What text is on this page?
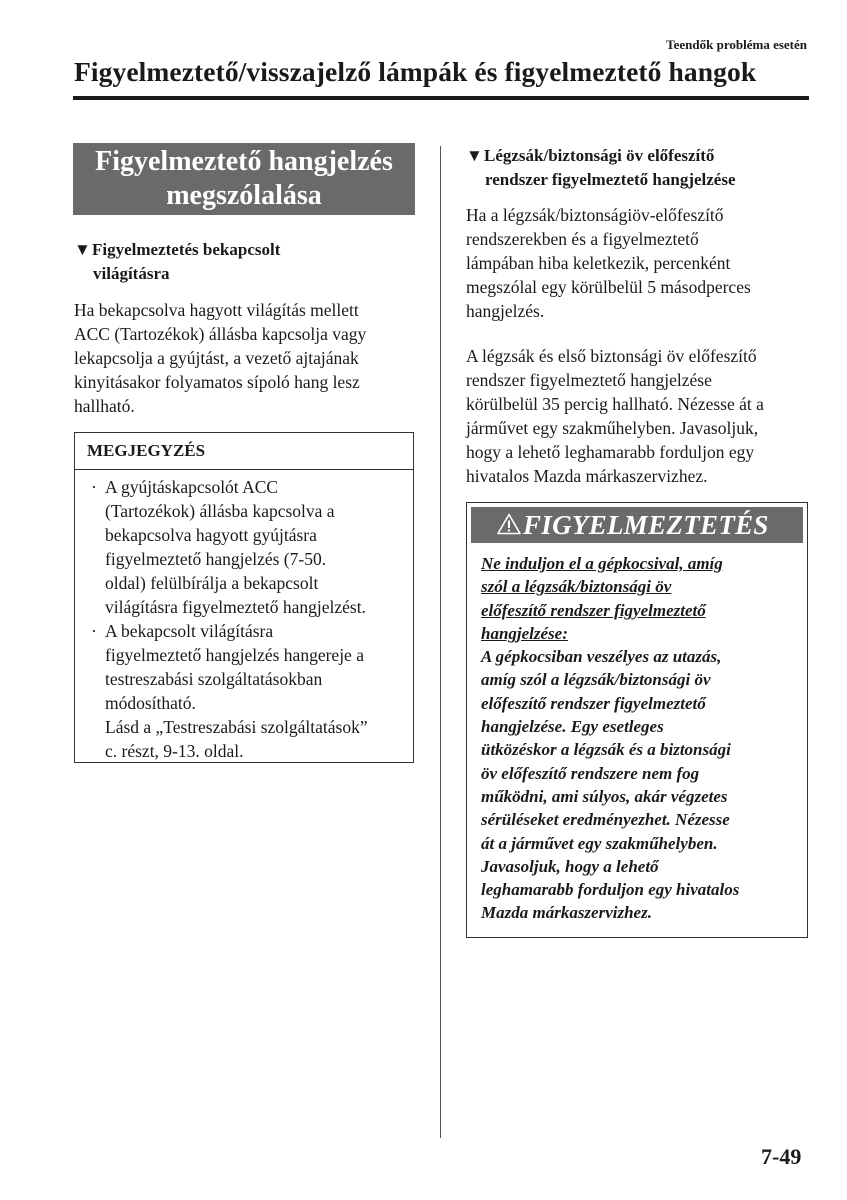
Teendők probléma esetén
Figyelmeztető/visszajelző lámpák és figyelmeztető hangok
Figyelmeztető hangjelzés
megszólalása
▼Figyelmeztetés bekapcsolt
világításra
Ha bekapcsolva hagyott világítás mellett
ACC (Tartozékok) állásba kapcsolja vagy
lekapcsolja a gyújtást, a vezető ajtajának
kinyitásakor folyamatos sípoló hang lesz
hallható.
MEGJEGYZÉS
· A gyújtáskapcsolót ACC
(Tartozékok) állásba kapcsolva a
bekapcsolva hagyott gyújtásra
figyelmeztető hangjelzés (7-50.
oldal) felülbírálja a bekapcsolt
világításra figyelmeztető hangjelzést.
· A bekapcsolt világításra
figyelmeztető hangjelzés hangereje a
testreszabási szolgáltatásokban
módosítható.
Lásd a „Testreszabási szolgáltatások”
c. részt, 9-13. oldal.
▼Légzsák/biztonsági öv előfeszítő
rendszer figyelmeztető hangjelzése
Ha a légzsák/biztonságiöv-előfeszítő
rendszerekben és a figyelmeztető
lámpában hiba keletkezik, percenként
megszólal egy körülbelül 5 másodperces
hangjelzés.
A légzsák és első biztonsági öv előfeszítő
rendszer figyelmeztető hangjelzése
körülbelül 35 percig hallható. Nézesse át a
járművet egy szakműhelyben. Javasoljuk,
hogy a lehető leghamarabb forduljon egy
hivatalos Mazda márkaszervizhez.
FIGYELMEZTETÉS
Ne induljon el a gépkocsival, amíg
szól a légzsák/biztonsági öv
előfeszítő rendszer figyelmeztető
hangjelzése:
A gépkocsiban veszélyes az utazás,
amíg szól a légzsák/biztonsági öv
előfeszítő rendszer figyelmeztető
hangjelzése. Egy esetleges
ütközéskor a légzsák és a biztonsági
öv előfeszítő rendszere nem fog
működni, ami súlyos, akár végzetes
sérüléseket eredményezhet. Nézesse
át a járművet egy szakműhelyben.
Javasoljuk, hogy a lehető
leghamarabb forduljon egy hivatalos
Mazda márkaszervizhez.
7-49
